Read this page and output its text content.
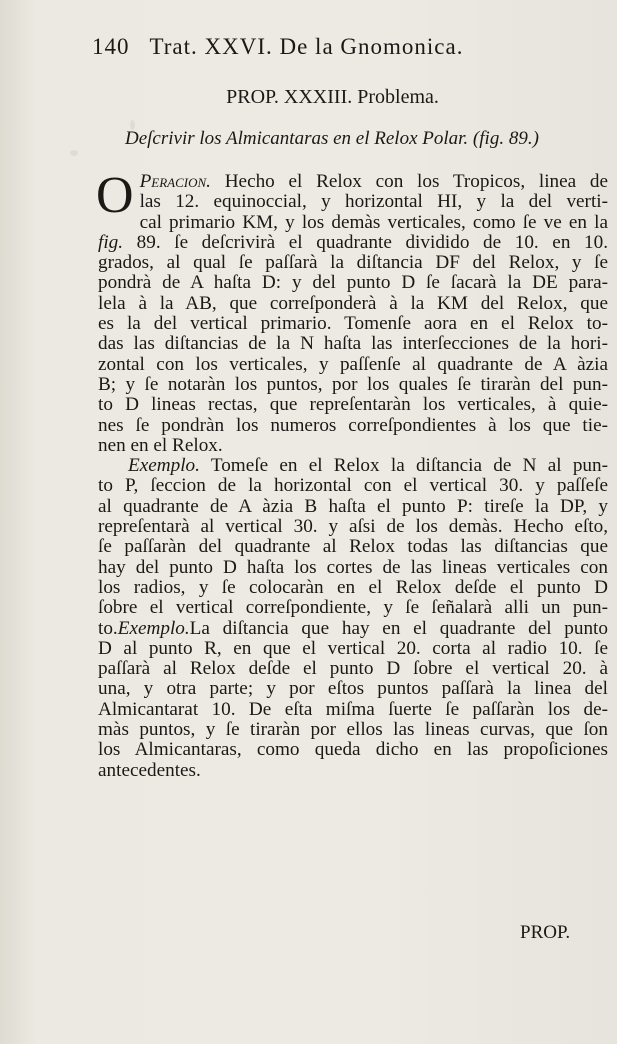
140 Trat. XXVI. De la Gnomonica.
PROP. XXXIII. Problema.
Deſcrivir los Almicantaras en el Relox Polar. (fig. 89.)
O Peracion. Hecho el Relox con los Tropicos, linea de
las 12. equinoccial, y horizontal HI, y la del verti-
cal primario KM, y los demàs verticales, como ſe ve en la
fig. 89. ſe deſcrivirà el quadrante dividido de 10. en 10.
grados, al qual ſe paſſarà la diſtancia DF del Relox, y ſe
pondrà de A haſta D: y del punto D ſe ſacarà la DE para-
lela à la AB, que correſponderà à la KM del Relox, que
es la del vertical primario. Tomenſe aora en el Relox to-
das las diſtancias de la N haſta las interſecciones de la hori-
zontal con los verticales, y paſſenſe al quadrante de A àzia
B; y ſe notaràn los puntos, por los quales ſe tiraràn del pun-
to D lineas rectas, que repreſentaràn los verticales, à quie-
nes ſe pondràn los numeros correſpondientes à los que tie-
nen en el Relox.
Exemplo. Tomeſe en el Relox la diſtancia de N al pun-
to P, ſeccion de la horizontal con el vertical 30. y paſſeſe
al quadrante de A àzia B haſta el punto P: tireſe la DP, y
repreſentarà al vertical 30. y aſsi de los demàs. Hecho eſto,
ſe paſſaràn del quadrante al Relox todas las diſtancias que
hay del punto D haſta los cortes de las lineas verticales con
los radios, y ſe colocaràn en el Relox deſde el punto D
ſobre el vertical correſpondiente, y ſe ſeñalarà alli un pun-
to.Exemplo.La diſtancia que hay en el quadrante del punto
D al punto R, en que el vertical 20. corta al radio 10. ſe
paſſarà al Relox deſde el punto D ſobre el vertical 20. à
una, y otra parte; y por eſtos puntos paſſarà la linea del
Almicantarat 10. De eſta miſma ſuerte ſe paſſaràn los de-
màs puntos, y ſe tiraràn por ellos las lineas curvas, que ſon
los Almicantaras, como queda dicho en las propoſiciones
antecedentes.
PROP.
